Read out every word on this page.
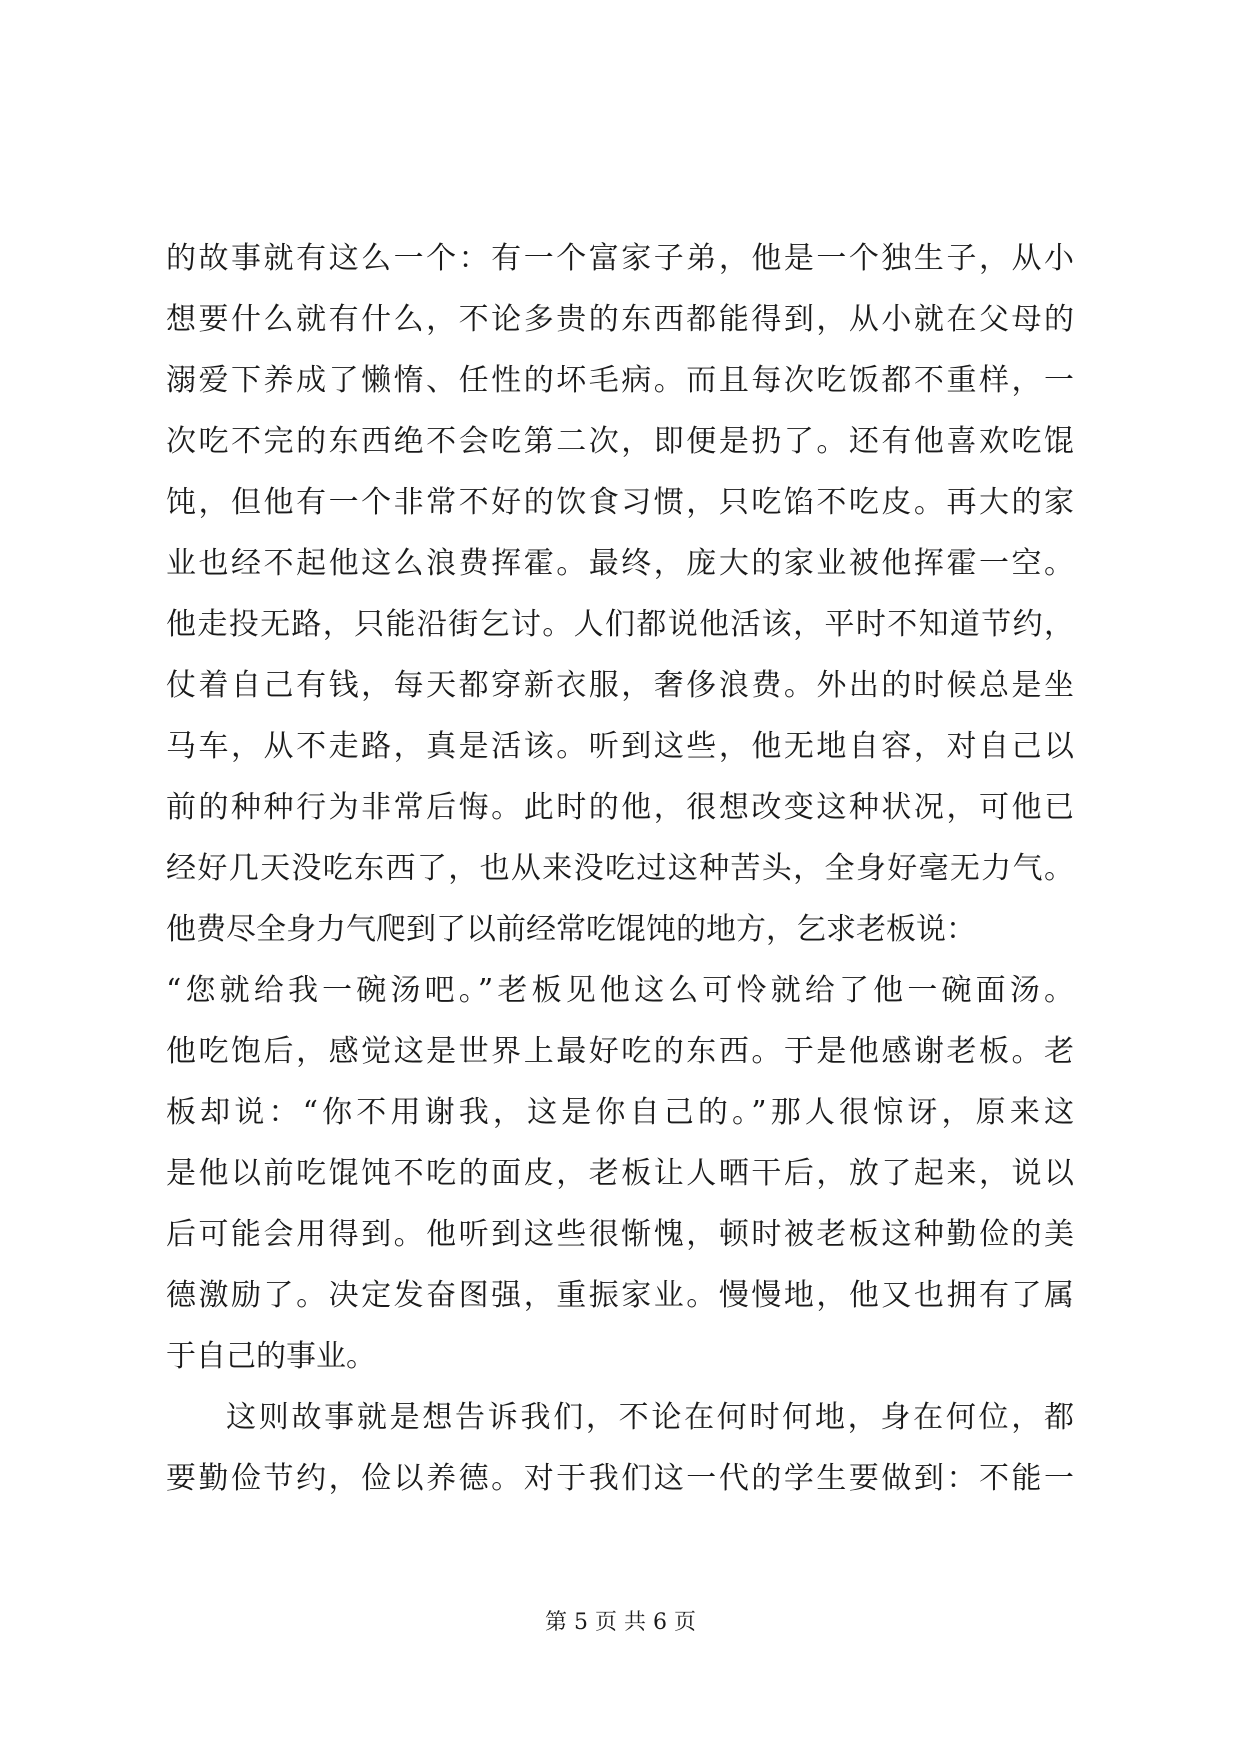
的故事就有这么一个：有一个富家子弟，他是一个独生子，从小
想要什么就有什么，不论多贵的东西都能得到，从小就在父母的
溺爱下养成了懒惰、任性的坏毛病。而且每次吃饭都不重样，一
次吃不完的东西绝不会吃第二次，即便是扔了。还有他喜欢吃馄
饨，但他有一个非常不好的饮食习惯，只吃馅不吃皮。再大的家
业也经不起他这么浪费挥霍。最终，庞大的家业被他挥霍一空。
他走投无路，只能沿街乞讨。人们都说他活该，平时不知道节约，
仗着自己有钱，每天都穿新衣服，奢侈浪费。外出的时候总是坐
马车，从不走路，真是活该。听到这些，他无地自容，对自己以
前的种种行为非常后悔。此时的他，很想改变这种状况，可他已
经好几天没吃东西了，也从来没吃过这种苦头，全身好毫无力气。
他费尽全身力气爬到了以前经常吃馄饨的地方，乞求老板说：
“您就给我一碗汤吧。”老板见他这么可怜就给了他一碗面汤。
他吃饱后，感觉这是世界上最好吃的东西。于是他感谢老板。老
板却说：“你不用谢我，这是你自己的。”那人很惊讶，原来这
是他以前吃馄饨不吃的面皮，老板让人晒干后，放了起来，说以
后可能会用得到。他听到这些很惭愧，顿时被老板这种勤俭的美
德激励了。决定发奋图强，重振家业。慢慢地，他又也拥有了属
于自己的事业。
这则故事就是想告诉我们，不论在何时何地，身在何位，都
要勤俭节约，俭以养德。对于我们这一代的学生要做到：不能一
第 5 页 共 6 页
